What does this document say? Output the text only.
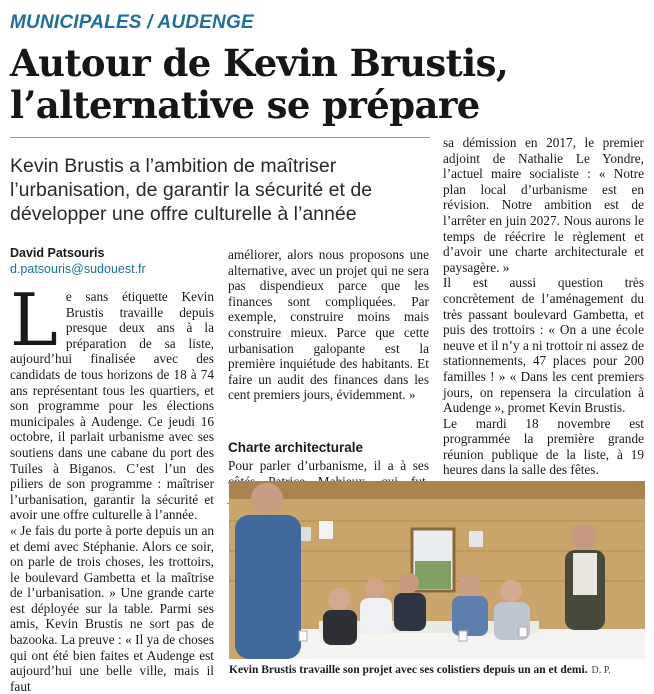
MUNICIPALES / AUDENGE
Autour de Kevin Brustis,
l’alternative se prépare
Kevin Brustis a l’ambition de maîtriser l’urbanisation, de garantir la sécurité et de développer une offre culturelle à l’année
David Patsouris
d.patsouris@sudouest.fr

Le sans étiquette Kevin Brustis travaille depuis presque deux ans à la préparation de sa liste, aujourd’hui finalisée avec des candidats de tous horizons de 18 à 74 ans représentant tous les quartiers, et son programme pour les élections municipales à Audenge. Ce jeudi 16 octobre, il parlait urbanisme avec ses soutiens dans une cabane du port des Tuiles à Biganos. C’est l’un des piliers de son programme : maîtriser l’urbanisation, garantir la sécurité et avoir une offre culturelle à l’année.

« Je fais du porte à porte depuis un an et demi avec Stéphanie. Alors ce soir, on parle de trois choses, les trottoirs, le boulevard Gambetta et la maîtrise de l’urbanisation. » Une grande carte est déployée sur la table. Parmi ses amis, Kevin Brustis ne sort pas de bazooka. La preuve : « Il ya de choses qui ont été bien faites et Audenge est aujourd’hui une belle ville, mais il faut

améliorer, alors nous proposons une alternative, avec un projet qui ne sera pas dispendieux parce que les finances sont compliquées. Par exemple, construire moins mais construire mieux. Parce que cette urbanisation galopante est la première inquiétude des habitants. Et faire un audit des finances dans les cent premiers jours, évidemment. »

Charte architecturale

Pour parler d’urbanisme, il a à ses

sa démission en 2017, le premier adjoint de Nathalie Le Yondre, l’actuel maire socialiste : « Notre plan local d’urbanisme est en révision. Notre ambition est de l’arrêter en juin 2027. Nous aurons le temps de réécrire le règlement et d’avoir une charte architecturale et paysagère. »

Il est aussi question très concrètement de l’aménagement du très passant boulevard Gambetta, et puis des trottoirs : « On a une école neuve et il n’y a ni trottoir ni assez de stationnements, 47 places pour 200 familles ! » « Dans les cent premiers jours, on repensera la circulation à Audenge », promet Kevin Brustis.

Le mardi 18 novembre est programmée la première grande réunion publique de la liste, à 19 heures dans la salle des fêtes.

Kevin Brustis travaille son projet avec ses colistiers depuis un an et demi. D. P.
